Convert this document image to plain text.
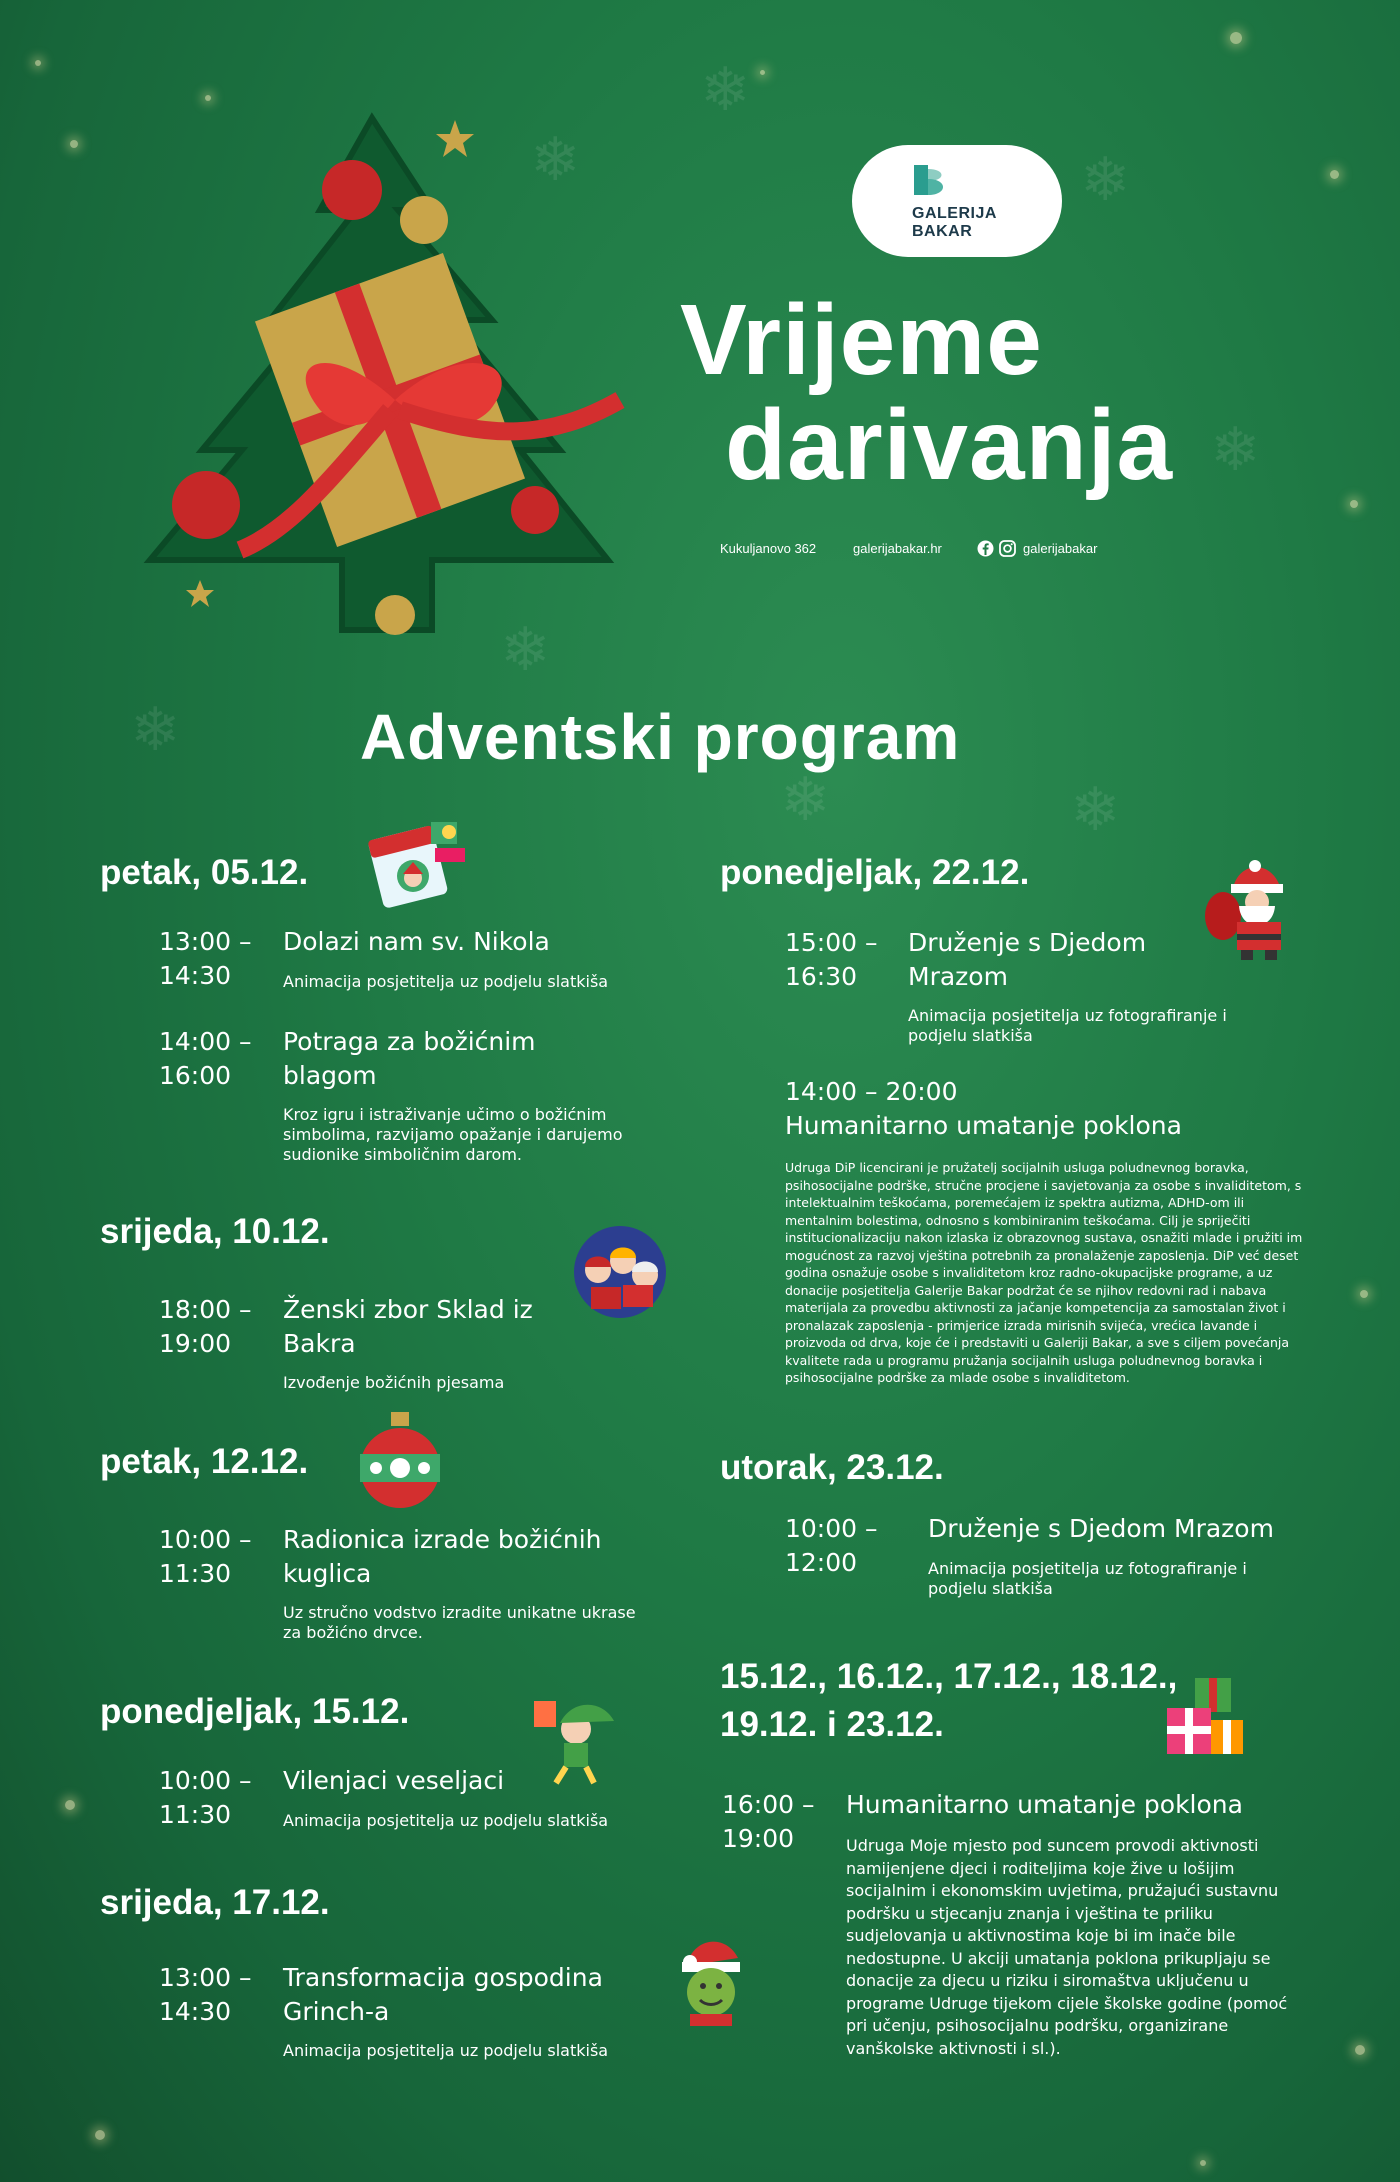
❄
❄
❄
❄
❄
❄	❄
❄
GALERIJA
BAKAR
Vrijeme
darivanja
Kukuljanovo 362	galerijabakar.hr	galerijabakar
Adventski program
petak, 05.12.
13:00 –
14:30
Dolazi nam sv. Nikola
Animacija posjetitelja uz podjelu slatkiša
14:00 –
16:00
Potraga za božićnim blagom
Kroz igru i istraživanje učimo o božićnim simbolima, razvijamo opažanje i darujemo sudionike simboličnim darom.
srijeda, 10.12.
18:00 –
19:00
Ženski zbor Sklad iz Bakra
Izvođenje božićnih pjesama
petak, 12.12.
10:00 –
11:30
Radionica izrade božićnih kuglica
Uz stručno vodstvo izradite unikatne ukrase za božićno drvce.
ponedjeljak, 15.12.
10:00 –
11:30
Vilenjaci veseljaci
Animacija posjetitelja uz podjelu slatkiša
srijeda, 17.12.
13:00 –
14:30
Transformacija gospodina Grinch-a
Animacija posjetitelja uz podjelu slatkiša
ponedjeljak, 22.12.
15:00 –
16:30
Druženje s Djedom Mrazom
Animacija posjetitelja uz fotografiranje i podjelu slatkiša
14:00 – 20:00
Humanitarno umatanje poklona
Udruga DiP licencirani je pružatelj socijalnih usluga poludnevnog boravka, psihosocijalne podrške, stručne procjene i savjetovanja za osobe s invaliditetom, s intelektualnim teškoćama, poremećajem iz spektra autizma, ADHD-om ili mentalnim bolestima, odnosno s kombiniranim teškoćama. Cilj je spriječiti institucionalizaciju nakon izlaska iz obrazovnog sustava, osnažiti mlade i pružiti im mogućnost za razvoj vještina potrebnih za pronalaženje zaposlenja. DiP već deset godina osnažuje osobe s invaliditetom kroz radno-okupacijske programe, a uz donacije posjetitelja Galerije Bakar podržat će se njihov redovni rad i nabava materijala za provedbu aktivnosti za jačanje kompetencija za samostalan život i pronalazak zaposlenja - primjerice izrada mirisnih svijeća, vrećica lavande i proizvoda od drva, koje će i predstaviti u Galeriji Bakar, a sve s ciljem povećanja kvalitete rada u programu pružanja socijalnih usluga poludnevnog boravka i psihosocijalne podrške za mlade osobe s invaliditetom.
utorak, 23.12.
10:00 –
12:00
Druženje s Djedom Mrazom
Animacija posjetitelja uz fotografiranje i podjelu slatkiša
15.12., 16.12., 17.12., 18.12.,
19.12. i 23.12.
16:00 –
19:00
Humanitarno umatanje poklona
Udruga Moje mjesto pod suncem provodi aktivnosti namijenjene djeci i roditeljima koje žive u lošijim socijalnim i ekonomskim uvjetima, pružajući sustavnu podršku u stjecanju znanja i vještina te priliku sudjelovanja u aktivnostima koje bi im inače bile nedostupne. U akciji umatanja poklona prikupljaju se donacije za djecu u riziku i siromaštva uključenu u programe Udruge tijekom cijele školske godine (pomoć pri učenju, psihosocijalnu podršku, organizirane vanškolske aktivnosti i sl.).
